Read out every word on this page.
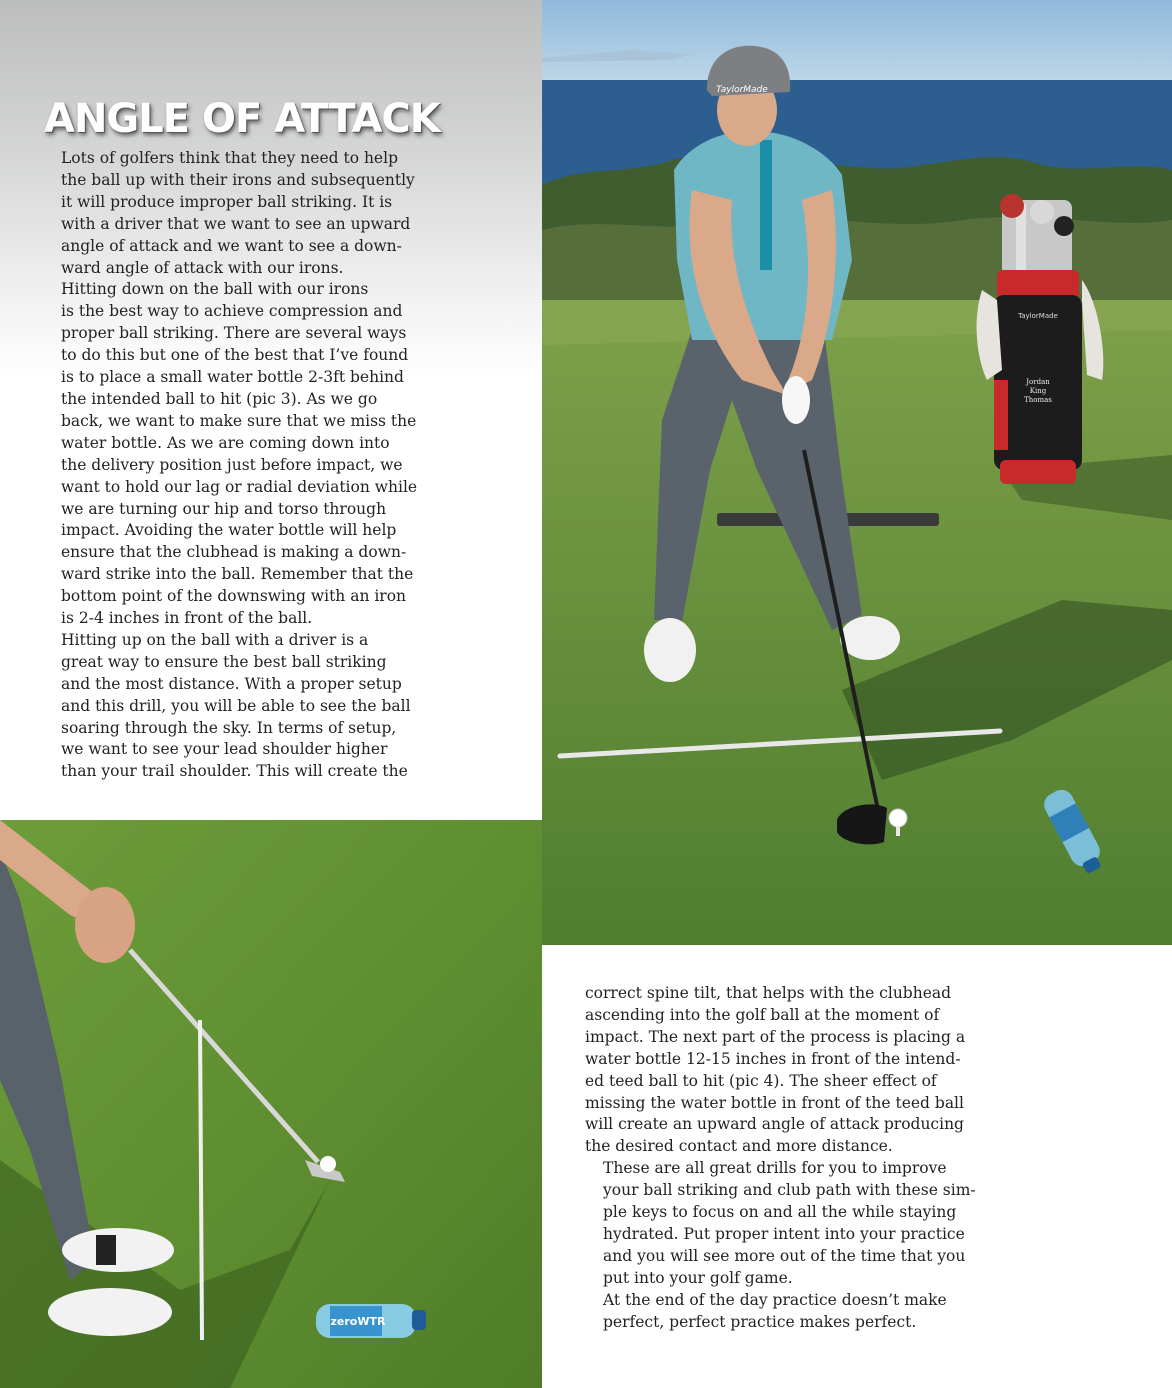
ANGLE OF ATTACK

Lots of golfers think that they need to help
the ball up with their irons and subsequently
it will produce improper ball striking. It is
with a driver that we want to see an upward
angle of attack and we want to see a down-
ward angle of attack with our irons.

Hitting down on the ball with our irons
is the best way to achieve compression and
proper ball striking. There are several ways
to do this but one of the best that I’ve found
is to place a small water bottle 2-3ft behind
the intended ball to hit (pic 3). As we go
back, we want to make sure that we miss the
water bottle. As we are coming down into
the delivery position just before impact, we
want to hold our lag or radial deviation while
we are turning our hip and torso through
impact. Avoiding the water bottle will help
ensure that the clubhead is making a down-
ward strike into the ball. Remember that the
bottom point of the downswing with an iron
is 2-4 inches in front of the ball.

Hitting up on the ball with a driver is a
great way to ensure the best ball striking
and the most distance. With a proper setup
and this drill, you will be able to see the ball
soaring through the sky. In terms of setup,
we want to see your lead shoulder higher
than your trail shoulder. This will create the

TaylorMade
Jordan
King
Thomas
TaylorMade
zeroWTR

correct spine tilt, that helps with the clubhead
ascending into the golf ball at the moment of
impact. The next part of the process is placing a
water bottle 12-15 inches in front of the intend-
ed teed ball to hit (pic 4). The sheer effect of
missing the water bottle in front of the teed ball
will create an upward angle of attack producing
the desired contact and more distance.

These are all great drills for you to improve
your ball striking and club path with these sim-
ple keys to focus on and all the while staying
hydrated. Put proper intent into your practice
and you will see more out of the time that you
put into your golf game.

At the end of the day practice doesn’t make
perfect, perfect practice makes perfect.
